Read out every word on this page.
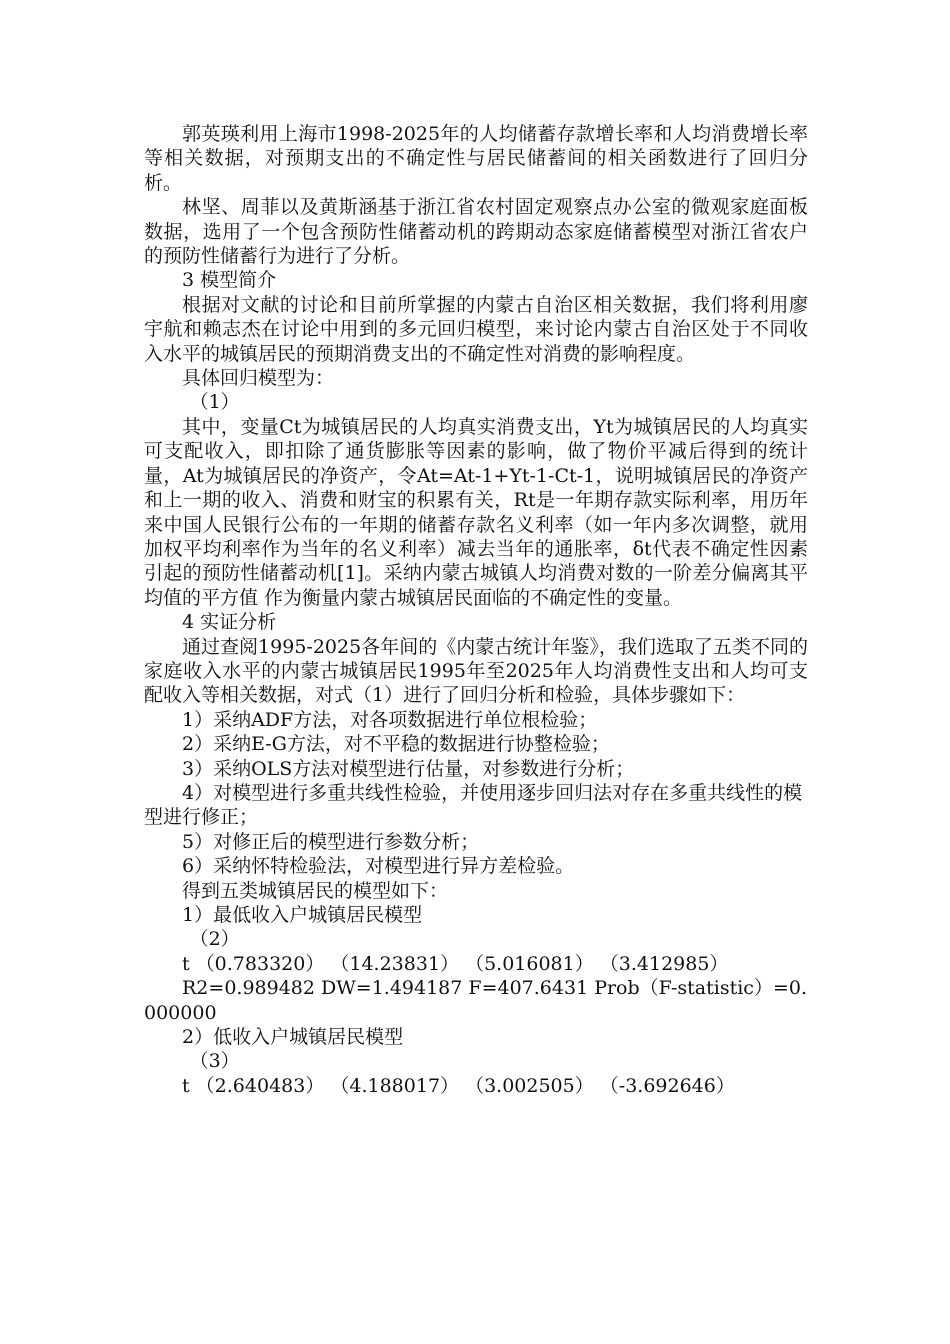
郭英瑛利用上海市1998-2025年的人均储蓄存款增长率和人均消费增长率等相关数据，对预期支出的不确定性与居民储蓄间的相关函数进行了回归分析。

林坚、周菲以及黄斯涵基于浙江省农村固定观察点办公室的微观家庭面板数据，选用了一个包含预防性储蓄动机的跨期动态家庭储蓄模型对浙江省农户的预防性储蓄行为进行了分析。

3 模型简介

根据对文献的讨论和目前所掌握的内蒙古自治区相关数据，我们将利用廖宇航和赖志杰在讨论中用到的多元回归模型，来讨论内蒙古自治区处于不同收入水平的城镇居民的预期消费支出的不确定性对消费的影响程度。

具体回归模型为：

（1）

其中，变量Ct为城镇居民的人均真实消费支出，Yt为城镇居民的人均真实可支配收入，即扣除了通货膨胀等因素的影响，做了物价平减后得到的统计量，At为城镇居民的净资产，令At=At-1+Yt-1-Ct-1，说明城镇居民的净资产和上一期的收入、消费和财宝的积累有关，Rt是一年期存款实际利率，用历年来中国人民银行公布的一年期的储蓄存款名义利率（如一年内多次调整，就用加权平均利率作为当年的名义利率）减去当年的通胀率，δt代表不确定性因素引起的预防性储蓄动机[1]。采纳内蒙古城镇人均消费对数的一阶差分偏离其平均值的平方值 作为衡量内蒙古城镇居民面临的不确定性的变量。

4 实证分析

通过查阅1995-2025各年间的《内蒙古统计年鉴》，我们选取了五类不同的家庭收入水平的内蒙古城镇居民1995年至2025年人均消费性支出和人均可支配收入等相关数据，对式（1）进行了回归分析和检验，具体步骤如下：

1）采纳ADF方法，对各项数据进行单位根检验；

2）采纳E-G方法，对不平稳的数据进行协整检验；

3）采纳OLS方法对模型进行估量，对参数进行分析；

4）对模型进行多重共线性检验，并使用逐步回归法对存在多重共线性的模型进行修正；

5）对修正后的模型进行参数分析；

6）采纳怀特检验法，对模型进行异方差检验。

得到五类城镇居民的模型如下：

1）最低收入户城镇居民模型

（2）

t （0.783320） （14.23831） （5.016081） （3.412985）

R2=0.989482 DW=1.494187 F=407.6431 Prob（F-statistic）=0.000000

2）低收入户城镇居民模型

（3）

t （2.640483） （4.188017） （3.002505） （-3.692646）
